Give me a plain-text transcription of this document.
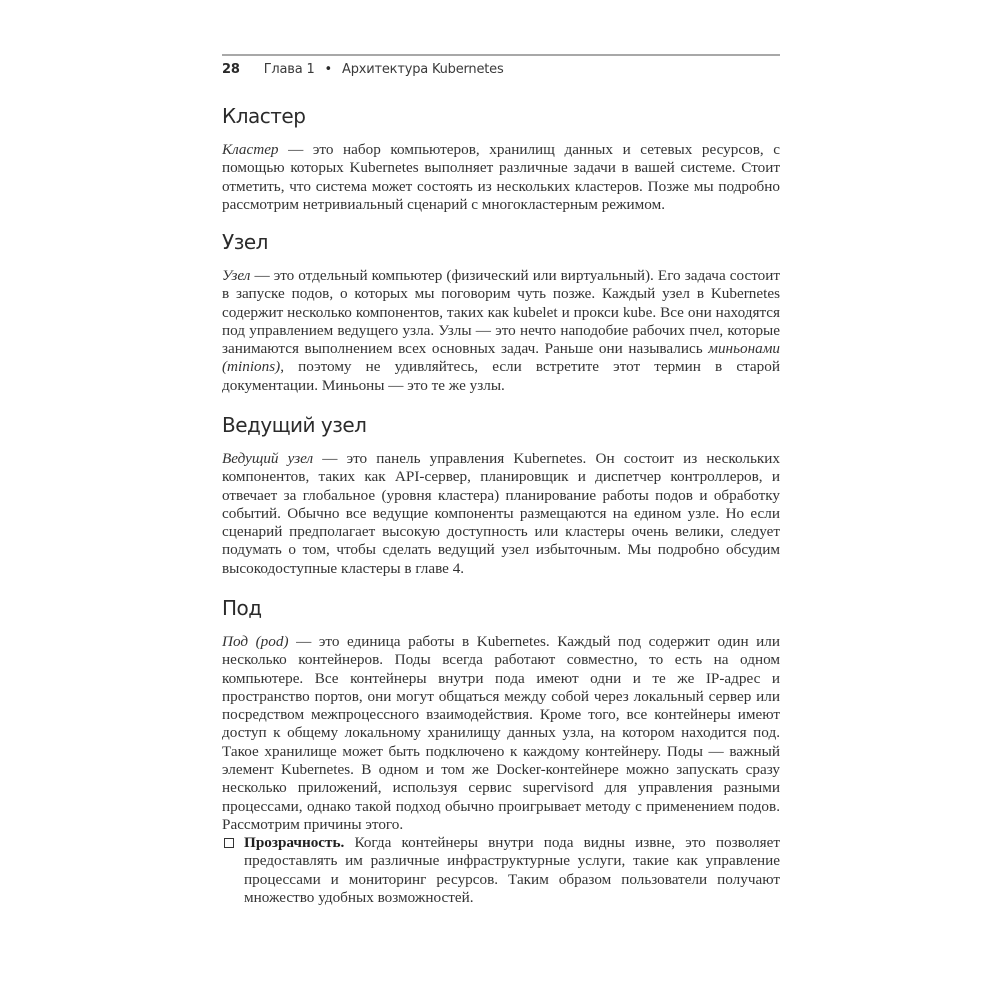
28 Глава 1 • Архитектура Kubernetes
Кластер
Кластер — это набор компьютеров, хранилищ данных и сетевых ресурсов, с помощью которых Kubernetes выполняет различные задачи в вашей системе. Стоит отметить, что система может состоять из нескольких кластеров. Позже мы подробно рассмотрим нетривиальный сценарий с многокластерным режимом.
Узел
Узел — это отдельный компьютер (физический или виртуальный). Его задача состоит в запуске подов, о которых мы поговорим чуть позже. Каждый узел в Kubernetes содержит несколько компонентов, таких как kubelet и прокси kube. Все они находятся под управлением ведущего узла. Узлы — это нечто наподобие рабочих пчел, которые занимаются выполнением всех основных задач. Раньше они назывались миньонами (minions), поэтому не удивляйтесь, если встретите этот термин в старой документации. Миньоны — это те же узлы.
Ведущий узел
Ведущий узел — это панель управления Kubernetes. Он состоит из нескольких компонентов, таких как API-сервер, планировщик и диспетчер контроллеров, и отвечает за глобальное (уровня кластера) планирование работы подов и обработку событий. Обычно все ведущие компоненты размещаются на едином узле. Но если сценарий предполагает высокую доступность или кластеры очень велики, следует подумать о том, чтобы сделать ведущий узел избыточным. Мы подробно обсудим высокодоступные кластеры в главе 4.
Под
Под (pod) — это единица работы в Kubernetes. Каждый под содержит один или несколько контейнеров. Поды всегда работают совместно, то есть на одном компьютере. Все контейнеры внутри пода имеют одни и те же IP-адрес и пространство портов, они могут общаться между собой через локальный сервер или посредством межпроцессного взаимодействия. Кроме того, все контейнеры имеют доступ к общему локальному хранилищу данных узла, на котором находится под. Такое хранилище может быть подключено к каждому контейнеру. Поды — важный элемент Kubernetes. В одном и том же Docker-контейнере можно запускать сразу несколько приложений, используя сервис supervisord для управления разными процессами, однако такой подход обычно проигрывает методу с применением подов. Рассмотрим причины этого.
Прозрачность. Когда контейнеры внутри пода видны извне, это позволяет предоставлять им различные инфраструктурные услуги, такие как управление процессами и мониторинг ресурсов. Таким образом пользователи получают множество удобных возможностей.
